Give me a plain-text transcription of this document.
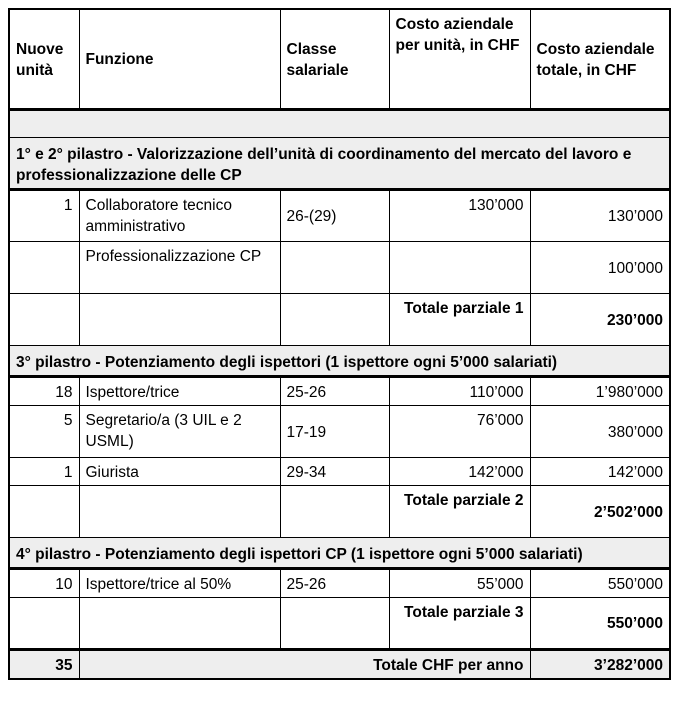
Nuove unità	Funzione	Classe salariale	Costo aziendale per unità, in CHF	Costo aziendale totale, in CHF

1° e 2° pilastro - Valorizzazione dell’unità di coordinamento del mercato del lavoro e professionalizzazione delle CP				
1	Collaboratore tecnico amministrativo	26-(29)	130’000	130’000
	Professionalizzazione CP			100’000
			Totale parziale 1	230’000
3° pilastro - Potenziamento degli ispettori (1 ispettore ogni 5’000 salariati)				
18	Ispettore/trice	25-26	110’000	1’980’000
5	Segretario/a (3 UIL e 2 USML)	17-19	76’000	380’000
1	Giurista	29-34	142’000	142’000
			Totale parziale 2	2’502’000
4° pilastro - Potenziamento degli ispettori CP (1 ispettore ogni 5’000 salariati)				
10	Ispettore/trice al 50%	25-26	55’000	550’000
			Totale parziale 3	550’000
35	Totale CHF per anno			3’282’000
